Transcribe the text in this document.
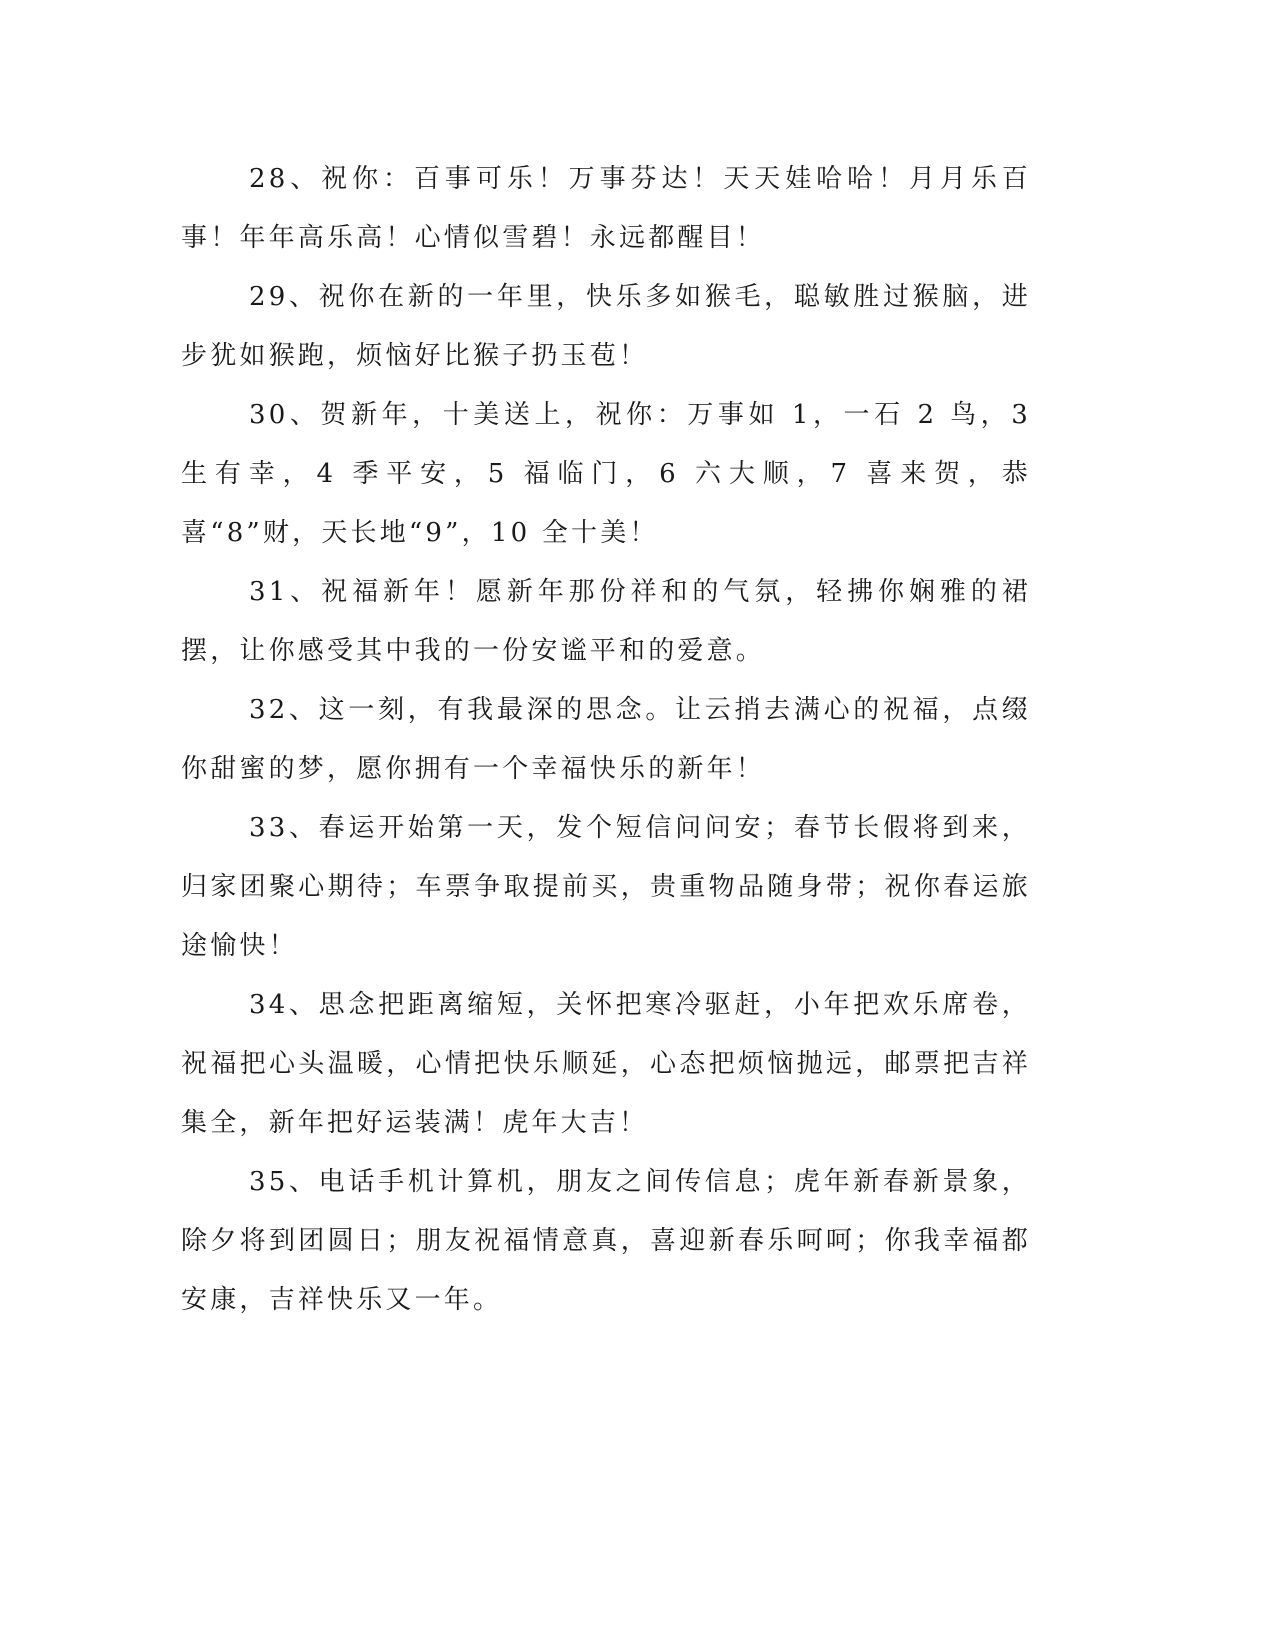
28、祝你：百事可乐！万事芬达！天天娃哈哈！月月乐百事！年年高乐高！心情似雪碧！永远都醒目！

29、祝你在新的一年里，快乐多如猴毛，聪敏胜过猴脑，进步犹如猴跑，烦恼好比猴子扔玉苞！

30、贺新年，十美送上，祝你：万事如 1，一石 2 鸟，3 生有幸，4 季平安，5 福临门，6 六大顺，7 喜来贺，恭喜“8”财，天长地“9”，10 全十美！

31、祝福新年！愿新年那份祥和的气氛，轻拂你娴雅的裙摆，让你感受其中我的一份安谧平和的爱意。

32、这一刻，有我最深的思念。让云捎去满心的祝福，点缀你甜蜜的梦，愿你拥有一个幸福快乐的新年！

33、春运开始第一天，发个短信问问安；春节长假将到来，归家团聚心期待；车票争取提前买，贵重物品随身带；祝你春运旅途愉快！

34、思念把距离缩短，关怀把寒冷驱赶，小年把欢乐席卷，祝福把心头温暖，心情把快乐顺延，心态把烦恼抛远，邮票把吉祥集全，新年把好运装满！虎年大吉！

35、电话手机计算机，朋友之间传信息；虎年新春新景象，除夕将到团圆日；朋友祝福情意真，喜迎新春乐呵呵；你我幸福都安康，吉祥快乐又一年。
